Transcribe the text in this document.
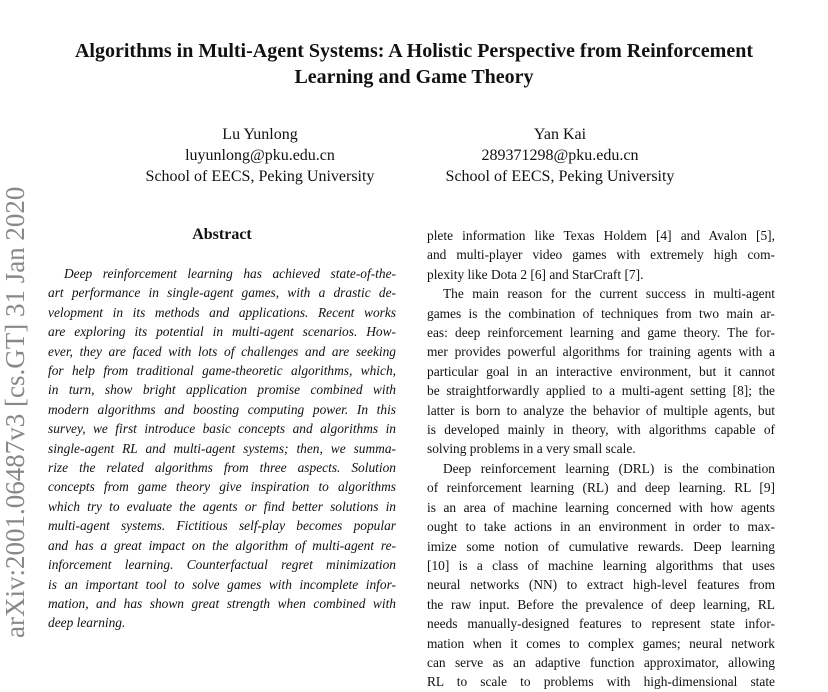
Algorithms in Multi-Agent Systems: A Holistic Perspective from Reinforcement
Learning and Game Theory
Lu Yunlong
luyunlong@pku.edu.cn
School of EECS, Peking University
Yan Kai
289371298@pku.edu.cn
School of EECS, Peking University
arXiv:2001.06487v3 [cs.GT] 31 Jan 2020	Abstract
Deep reinforcement learning has achieved state-of-the-
art performance in single-agent games, with a drastic de-
velopment in its methods and applications. Recent works
are exploring its potential in multi-agent scenarios. How-
ever, they are faced with lots of challenges and are seeking
for help from traditional game-theoretic algorithms, which,
in turn, show bright application promise combined with
modern algorithms and boosting computing power. In this
survey, we first introduce basic concepts and algorithms in
single-agent RL and multi-agent systems; then, we summa-
rize the related algorithms from three aspects. Solution
concepts from game theory give inspiration to algorithms
which try to evaluate the agents or find better solutions in
multi-agent systems. Fictitious self-play becomes popular
and has a great impact on the algorithm of multi-agent re-
inforcement learning. Counterfactual regret minimization
is an important tool to solve games with incomplete infor-
mation, and has shown great strength when combined with
deep learning.
plete information like Texas Holdem [4] and Avalon [5],
and multi-player video games with extremely high com-
plexity like Dota 2 [6] and StarCraft [7].
The main reason for the current success in multi-agent
games is the combination of techniques from two main ar-
eas: deep reinforcement learning and game theory. The for-
mer provides powerful algorithms for training agents with a
particular goal in an interactive environment, but it cannot
be straightforwardly applied to a multi-agent setting [8]; the
latter is born to analyze the behavior of multiple agents, but
is developed mainly in theory, with algorithms capable of
solving problems in a very small scale.
Deep reinforcement learning (DRL) is the combination
of reinforcement learning (RL) and deep learning. RL [9]
is an area of machine learning concerned with how agents
ought to take actions in an environment in order to max-
imize some notion of cumulative rewards. Deep learning
[10] is a class of machine learning algorithms that uses
neural networks (NN) to extract high-level features from
the raw input. Before the prevalence of deep learning, RL
needs manually-designed features to represent state infor-
mation when it comes to complex games; neural network
can serve as an adaptive function approximator, allowing
RL to scale to problems with high-dimensional state
